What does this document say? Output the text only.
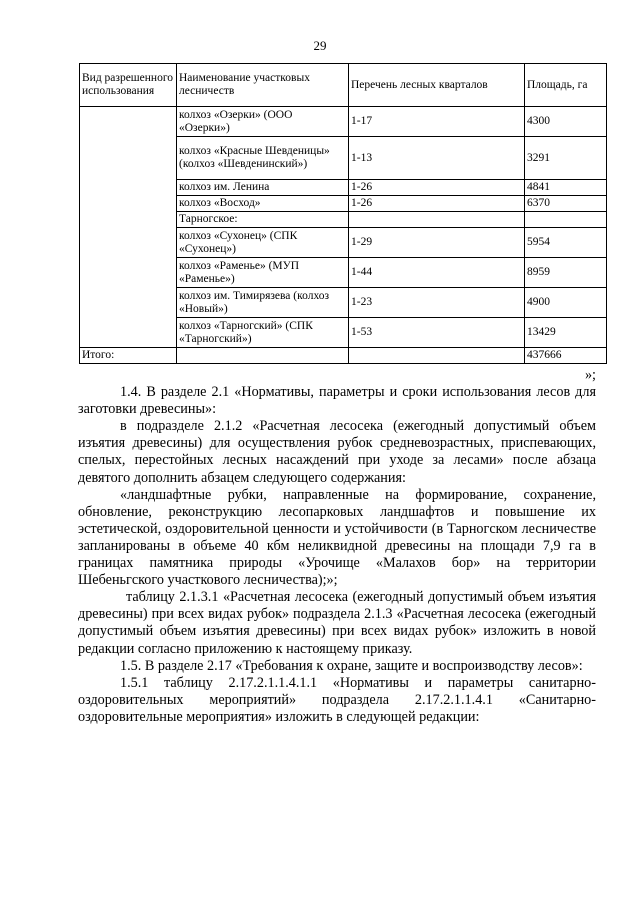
29
Вид разрешенного использования	Наименование участковых лесничеств	Перечень лесных кварталов	Площадь, га
	колхоз «Озерки» (ООО «Озерки»)	1-17	4300
	колхоз «Красные Шевденицы» (колхоз «Шевденинский»)	1-13	3291
	колхоз им. Ленина	1-26	4841
	колхоз «Восход»	1-26	6370
	Тарногское:		
	колхоз «Сухонец» (СПК «Сухонец»)	1-29	5954
	колхоз «Раменье» (МУП «Раменье»)	1-44	8959
	колхоз им. Тимирязева (колхоз «Новый»)	1-23	4900
	колхоз «Тарногский» (СПК «Тарногский»)	1-53	13429
Итого:			437666

»;

1.4. В разделе 2.1 «Нормативы, параметры и сроки использования лесов для заготовки древесины»:

в подразделе 2.1.2 «Расчетная лесосека (ежегодный допустимый объем изъятия древесины) для осуществления рубок средневозрастных, приспевающих, спелых, перестойных лесных насаждений при уходе за лесами» после абзаца девятого дополнить абзацем следующего содержания:

«ландшафтные рубки, направленные на формирование, сохранение, обновление, реконструкцию лесопарковых ландшафтов и повышение их эстетической, оздоровительной ценности и устойчивости (в Тарногском лесничестве запланированы в объеме 40 кбм неликвидной древесины на площади 7,9 га в границах памятника природы «Урочище «Малахов бор» на территории Шебеньгского участкового лесничества);»;

таблицу 2.1.3.1 «Расчетная лесосека (ежегодный допустимый объем изъятия древесины) при всех видах рубок» подраздела 2.1.3 «Расчетная лесосека (ежегодный допустимый объем изъятия древесины) при всех видах рубок» изложить в новой редакции согласно приложению к настоящему приказу.

1.5. В разделе 2.17 «Требования к охране, защите и воспроизводству лесов»:

1.5.1 таблицу 2.17.2.1.1.4.1.1 «Нормативы и параметры санитарно-оздоровительных мероприятий» подраздела 2.17.2.1.1.4.1 «Санитарно-оздоровительные мероприятия» изложить в следующей редакции:
